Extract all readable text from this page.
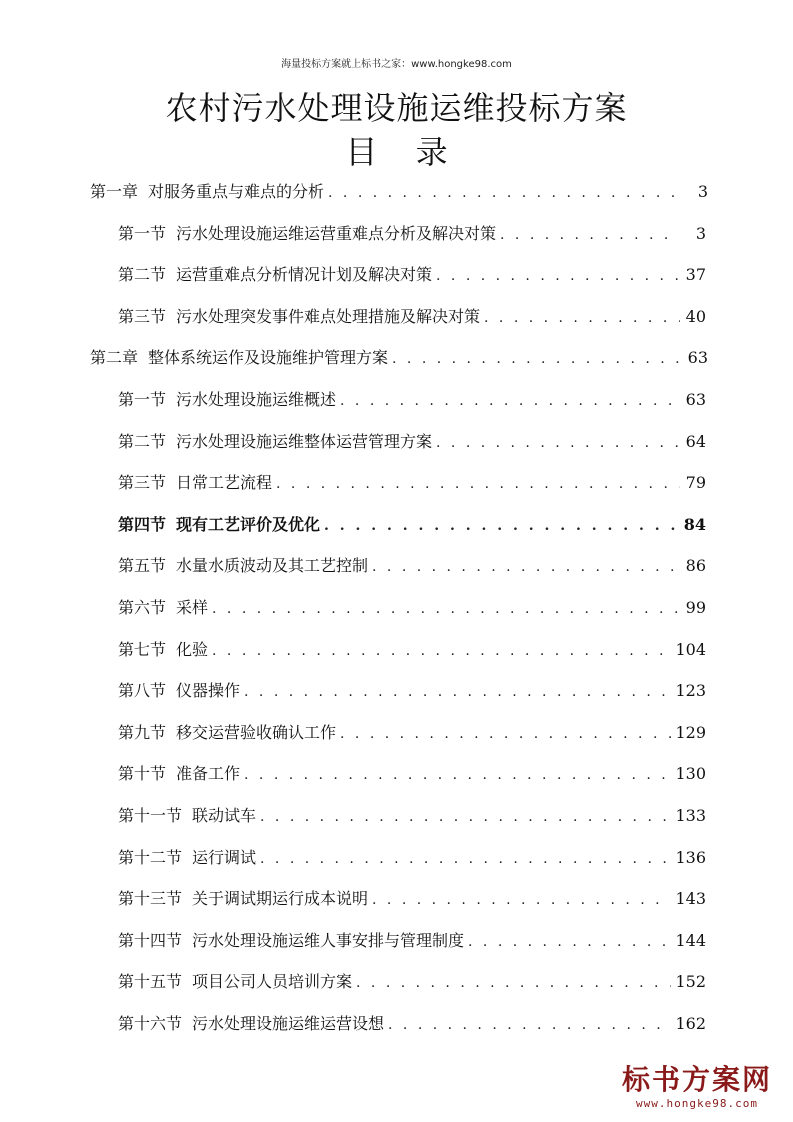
海量投标方案就上标书之家：www.hongke98.com
农村污水处理设施运维投标方案
目 录
第一章 对服务重点与难点的分析 . . .	3
第一节 污水处理设施运维运营重难点分析及解决对策 . . .	3
第二节 运营重难点分析情况计划及解决对策 . . .	37
第三节 污水处理突发事件难点处理措施及解决对策 . . .	40
第二章 整体系统运作及设施维护管理方案 . . .	63
第一节 污水处理设施运维概述 . . .	63
第二节 污水处理设施运维整体运营管理方案 . . .	64
第三节 日常工艺流程 . . .	79
第四节 现有工艺评价及优化 . . .	84
第五节 水量水质波动及其工艺控制 . . .	86
第六节 采样 . . .	99
第七节 化验 . . .	104
第八节 仪器操作 . . .	123
第九节 移交运营验收确认工作 . . .	129
第十节 准备工作 . . .	130
第十一节 联动试车 . . .	133
第十二节 运行调试 . . .	136
第十三节 关于调试期运行成本说明 . . .	143
第十四节 污水处理设施运维人事安排与管理制度 . . .	144
第十五节 项目公司人员培训方案 . . .	152
第十六节 污水处理设施运维运营设想 . . .	162
标书方案网
www.hongke98.com
